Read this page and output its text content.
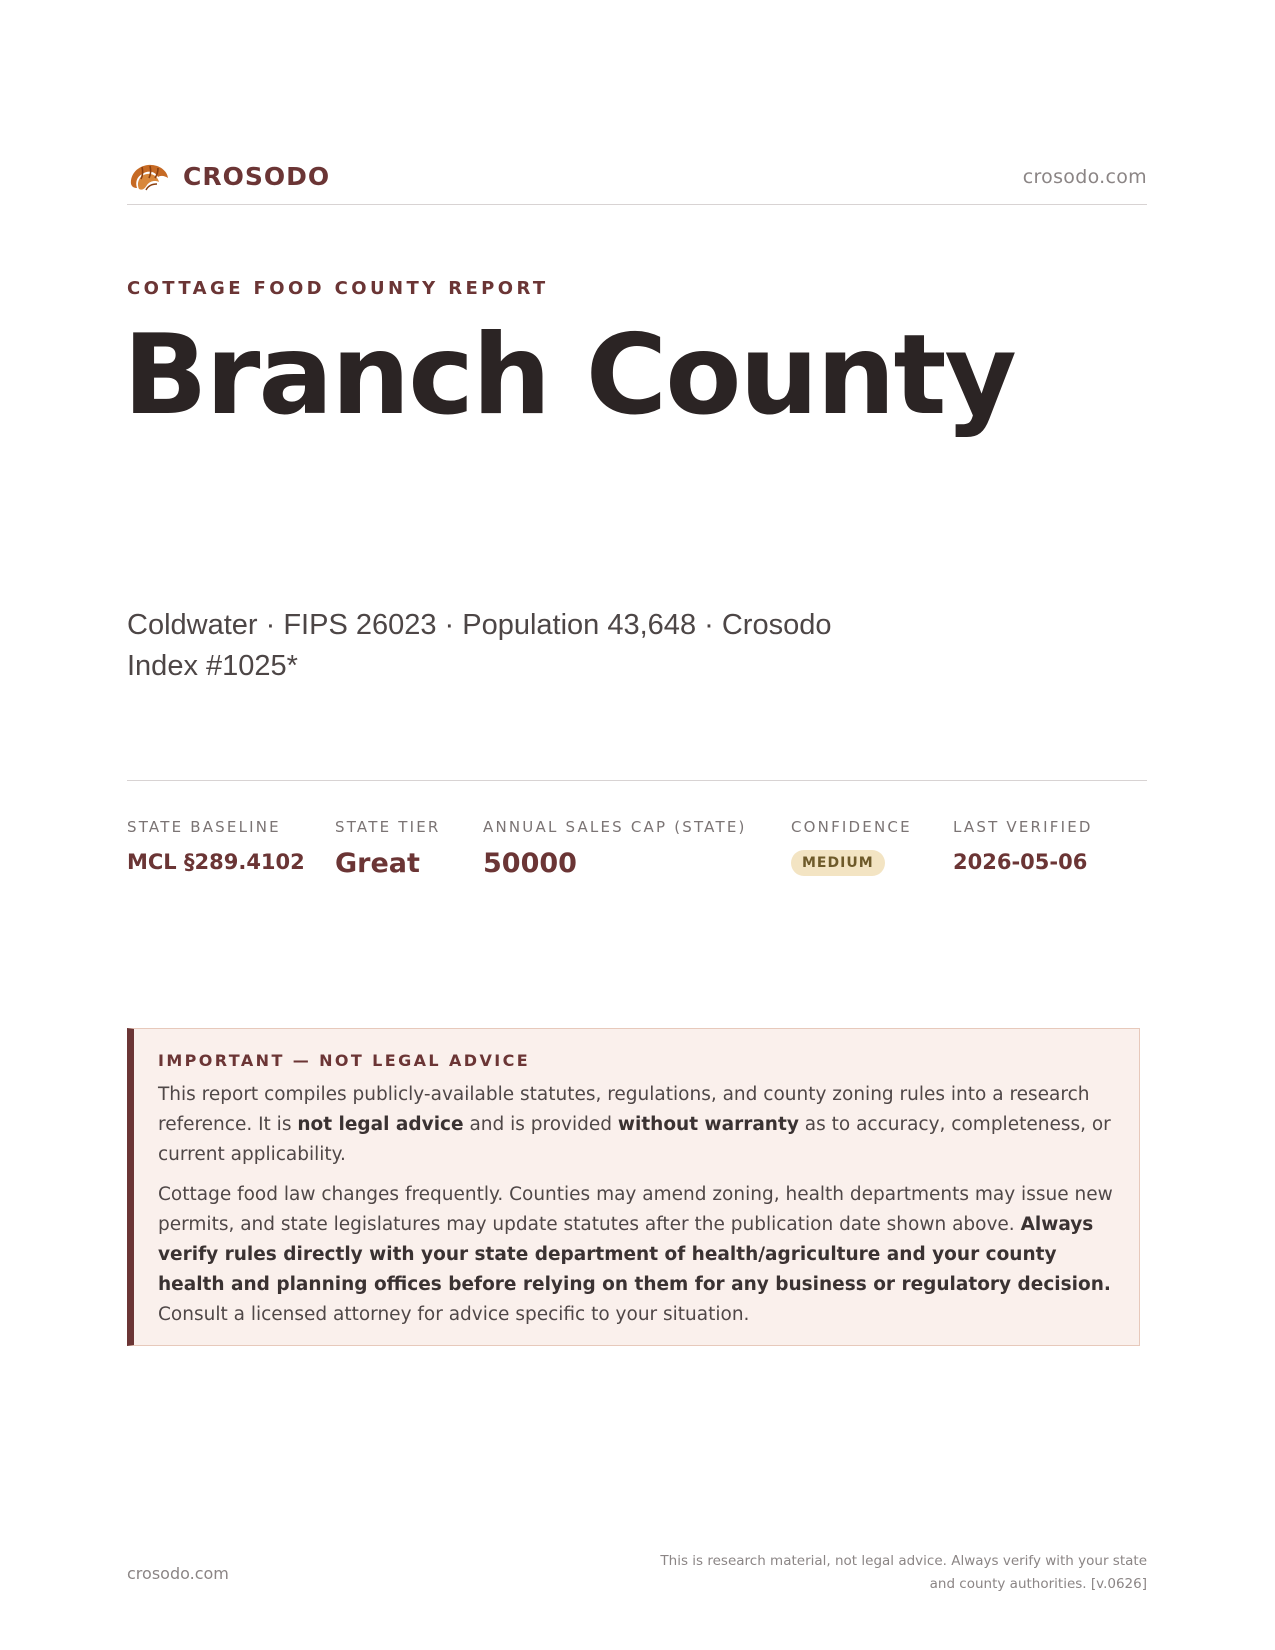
CROSODO	crosodo.com
COTTAGE FOOD COUNTY REPORT
Branch County
Coldwater · FIPS 26023 · Population 43,648 · Crosodo Index #1025*
STATE BASELINE
MCL §289.4102
STATE TIER
Great
ANNUAL SALES CAP (STATE)
50000
CONFIDENCE
MEDIUM
LAST VERIFIED
2026-05-06
IMPORTANT — NOT LEGAL ADVICE

This report compiles publicly-available statutes, regulations, and county zoning rules into a research reference. It is not legal advice and is provided without warranty as to accuracy, completeness, or current applicability.

Cottage food law changes frequently. Counties may amend zoning, health departments may issue new permits, and state legislatures may update statutes after the publication date shown above. Always verify rules directly with your state department of health/agriculture and your county health and planning offices before relying on them for any business or regulatory decision. Consult a licensed attorney for advice specific to your situation.

crosodo.com
This is research material, not legal advice. Always verify with your state
and county authorities. [v.0626]
